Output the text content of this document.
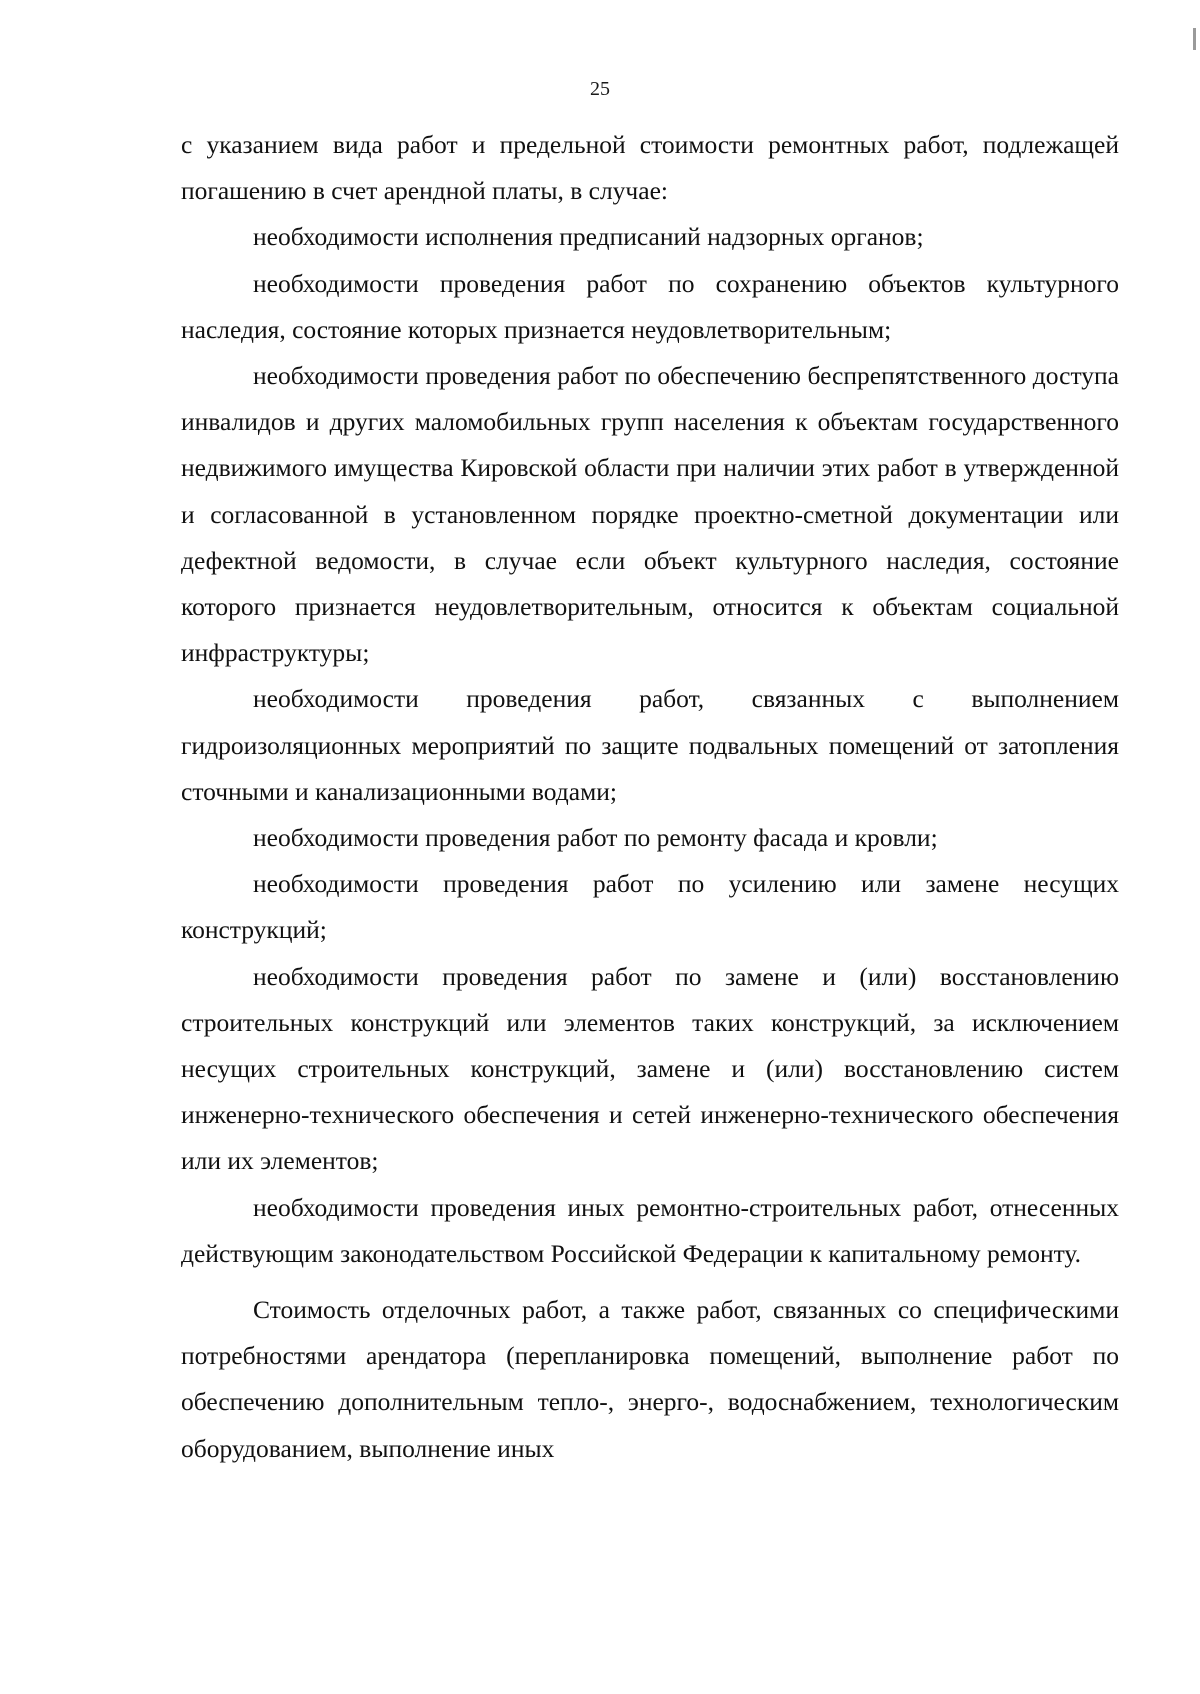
25

с указанием вида работ и предельной стоимости ремонтных работ, подлежащей погашению в счет арендной платы, в случае:

необходимости исполнения предписаний надзорных органов;

необходимости проведения работ по сохранению объектов культурного наследия, состояние которых признается неудовлетворительным;

необходимости проведения работ по обеспечению беспрепятственного доступа инвалидов и других маломобильных групп населения к объектам государственного недвижимого имущества Кировской области при наличии этих работ в утвержденной и согласованной в установленном порядке проектно-сметной документации или дефектной ведомости, в случае если объект культурного наследия, состояние которого признается неудовлетворительным, относится к объектам социальной инфраструктуры;

необходимости проведения работ, связанных с выполнением гидроизоляционных мероприятий по защите подвальных помещений от затопления сточными и канализационными водами;

необходимости проведения работ по ремонту фасада и кровли;

необходимости проведения работ по усилению или замене несущих конструкций;

необходимости проведения работ по замене и (или) восстановлению строительных конструкций или элементов таких конструкций, за исключением несущих строительных конструкций, замене и (или) восстановлению систем инженерно-технического обеспечения и сетей инженерно-технического обеспечения или их элементов;

необходимости проведения иных ремонтно-строительных работ, отнесенных действующим законодательством Российской Федерации к капитальному ремонту.

Стоимость отделочных работ, а также работ, связанных со специфическими потребностями арендатора (перепланировка помещений, выполнение работ по обеспечению дополнительным тепло-, энерго-, водоснабжением, технологическим оборудованием, выполнение иных
